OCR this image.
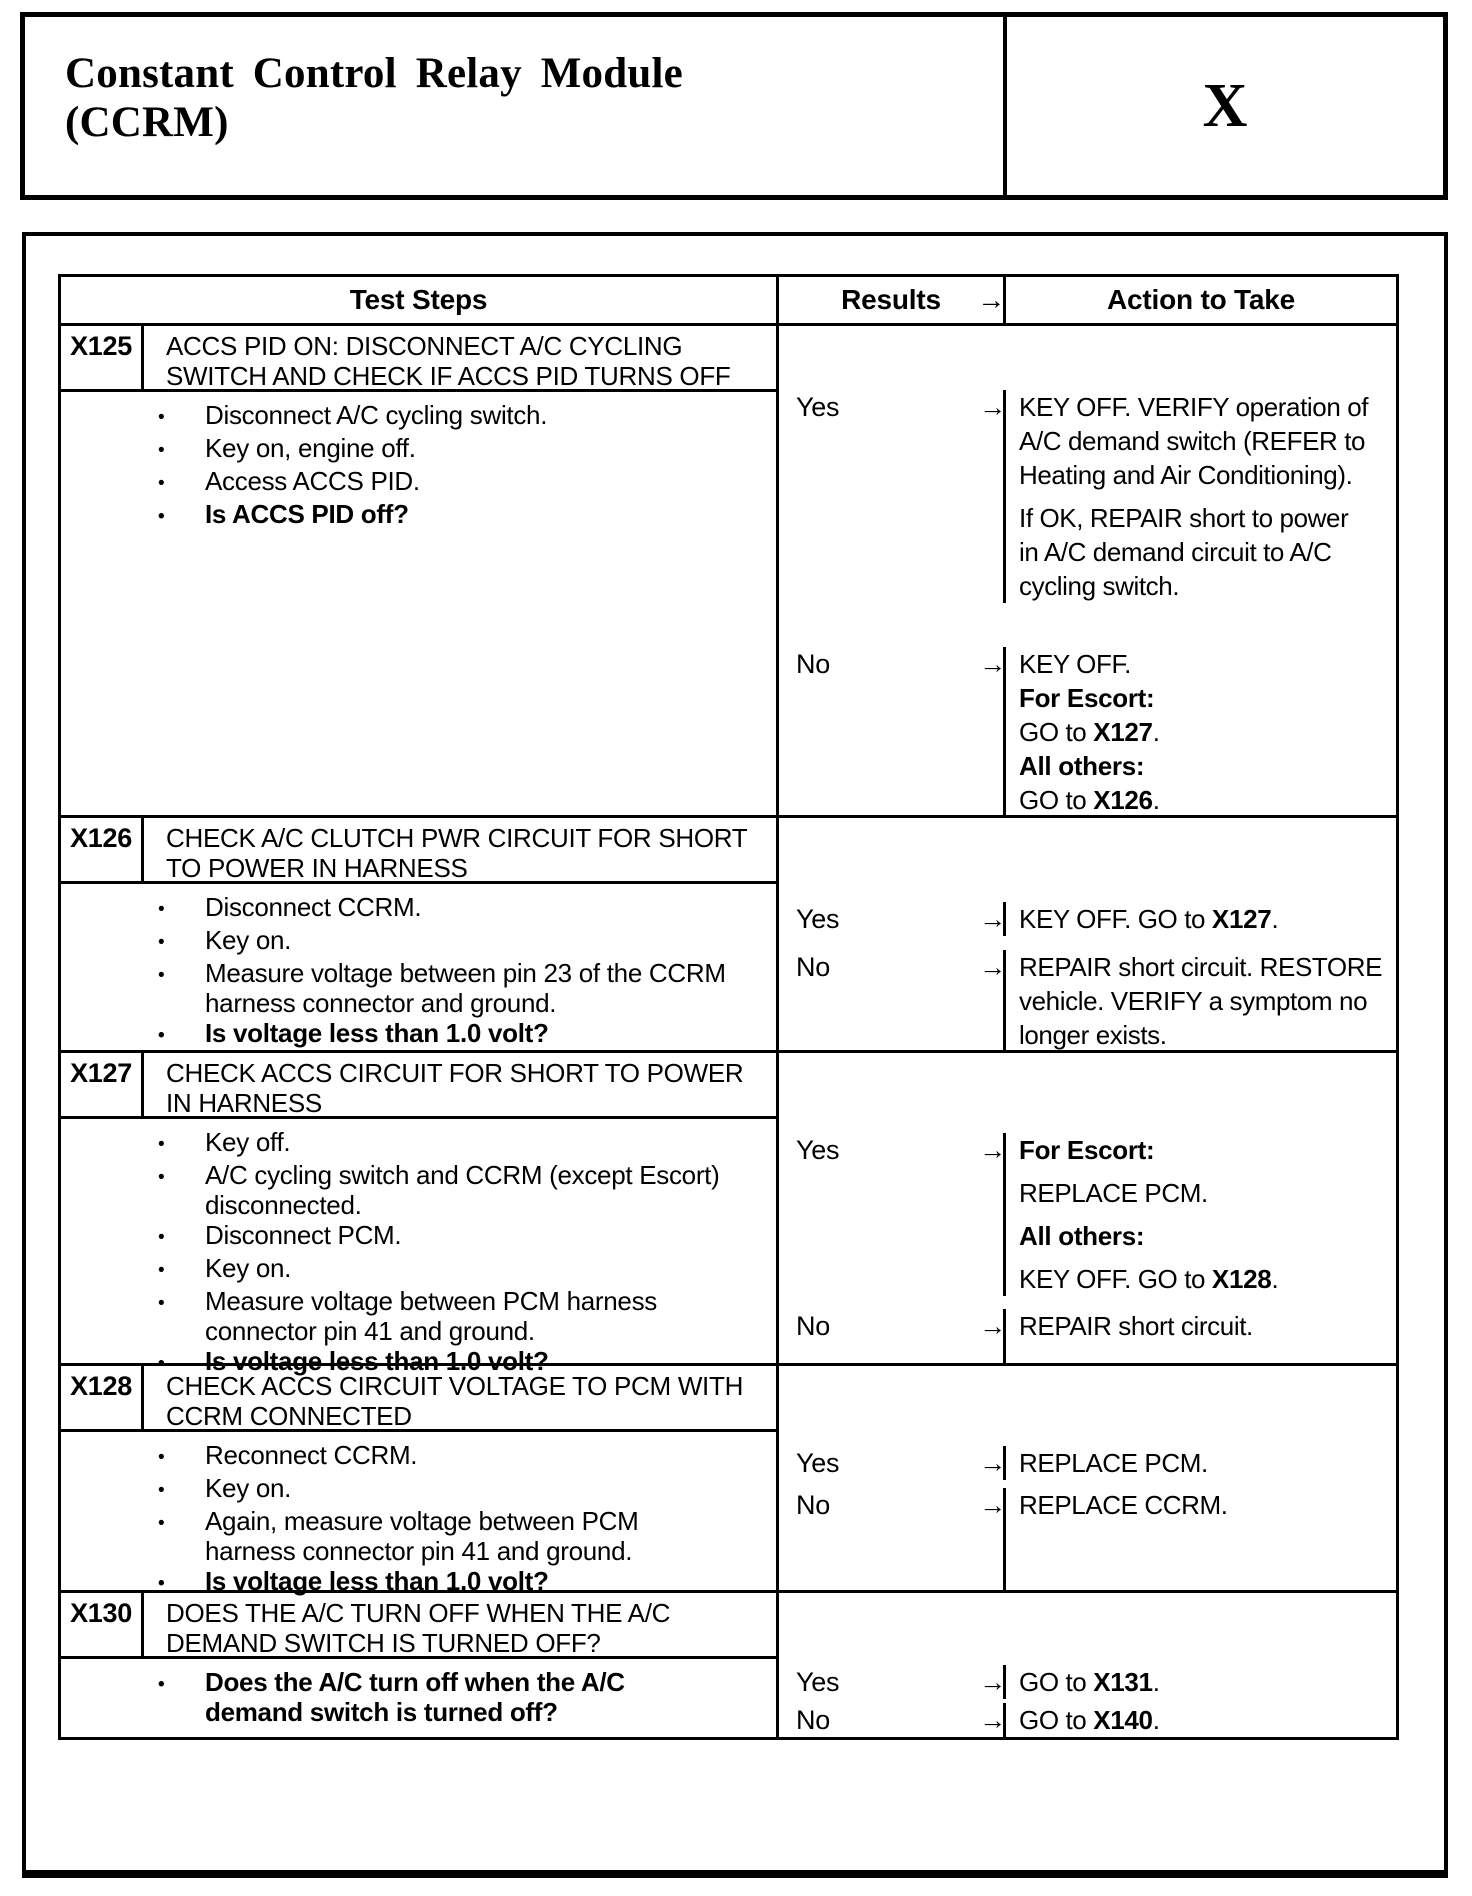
Constant Control Relay Module
(CCRM)	X
Test Steps	Results →	Action to Take
X125	ACCS PID ON: DISCONNECT A/C CYCLING
SWITCH AND CHECK IF ACCS PID TURNS OFF
•	Disconnect A/C cycling switch.
•	Key on, engine off.
•	Access ACCS PID.
•	Is ACCS PID off?
Yes	→ KEY OFF. VERIFY operation of
A/C demand switch (REFER to
Heating and Air Conditioning).
If OK, REPAIR short to power
in A/C demand circuit to A/C
cycling switch.
No	→ KEY OFF.
For Escort:
GO to X127.
All others:
GO to X126.
X126	CHECK A/C CLUTCH PWR CIRCUIT FOR SHORT
TO POWER IN HARNESS
•	Disconnect CCRM.
•	Key on.
•	Measure voltage between pin 23 of the CCRM
harness connector and ground.
•	Is voltage less than 1.0 volt?
Yes	→ KEY OFF. GO to X127.
No	→ REPAIR short circuit. RESTORE
vehicle. VERIFY a symptom no
longer exists.
X127	CHECK ACCS CIRCUIT FOR SHORT TO POWER
IN HARNESS
•	Key off.
•	A/C cycling switch and CCRM (except Escort)
disconnected.
•	Disconnect PCM.
•	Key on.
•	Measure voltage between PCM harness
connector pin 41 and ground.
•	Is voltage less than 1.0 volt?
Yes	→ For Escort:
REPLACE PCM.
All others:
KEY OFF. GO to X128.
No	→ REPAIR short circuit.
X128	CHECK ACCS CIRCUIT VOLTAGE TO PCM WITH
CCRM CONNECTED
•	Reconnect CCRM.
•	Key on.
•	Again, measure voltage between PCM
harness connector pin 41 and ground.
•	Is voltage less than 1.0 volt?
Yes	→ REPLACE PCM.
No	→ REPLACE CCRM.
X130	DOES THE A/C TURN OFF WHEN THE A/C
DEMAND SWITCH IS TURNED OFF?
•	Does the A/C turn off when the A/C
demand switch is turned off?
Yes	→ GO to X131.
No	→ GO to X140.
